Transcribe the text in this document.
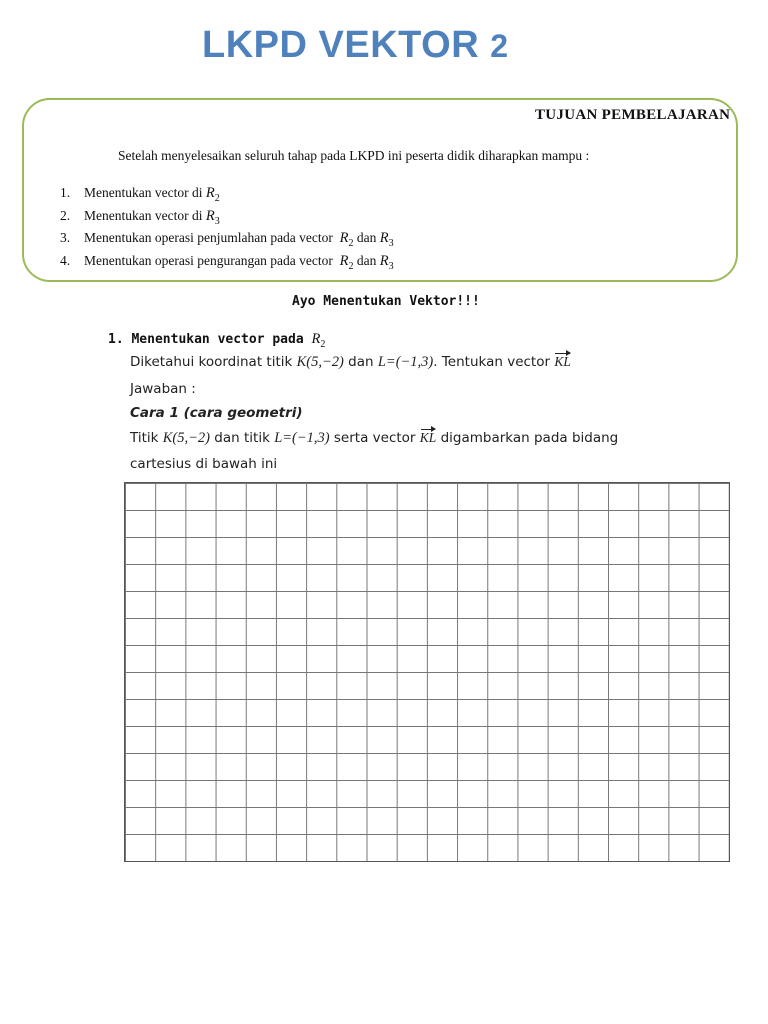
LKPD VEKTOR 2
TUJUAN PEMBELAJARAN
Setelah menyelesaikan seluruh tahap pada LKPD ini peserta didik diharapkan mampu :
1. Menentukan vector di $R_2$
2. Menentukan vector di $R_3$
3. Menentukan operasi penjumlahan pada vector  $R_2$ dan $R_3$
4. Menentukan operasi pengurangan pada vector  $R_2$ dan $R_3$
Ayo Menentukan Vektor!!!
1. Menentukan vector pada $R_2$
Diketahui koordinat titik K(5,−2) dan L=(−1,3). Tentukan vector KL
Jawaban :
Cara 1 (cara geometri)
Titik K(5,−2) dan titik L=(−1,3) serta vector KL digambarkan pada bidang
cartesius di bawah ini
